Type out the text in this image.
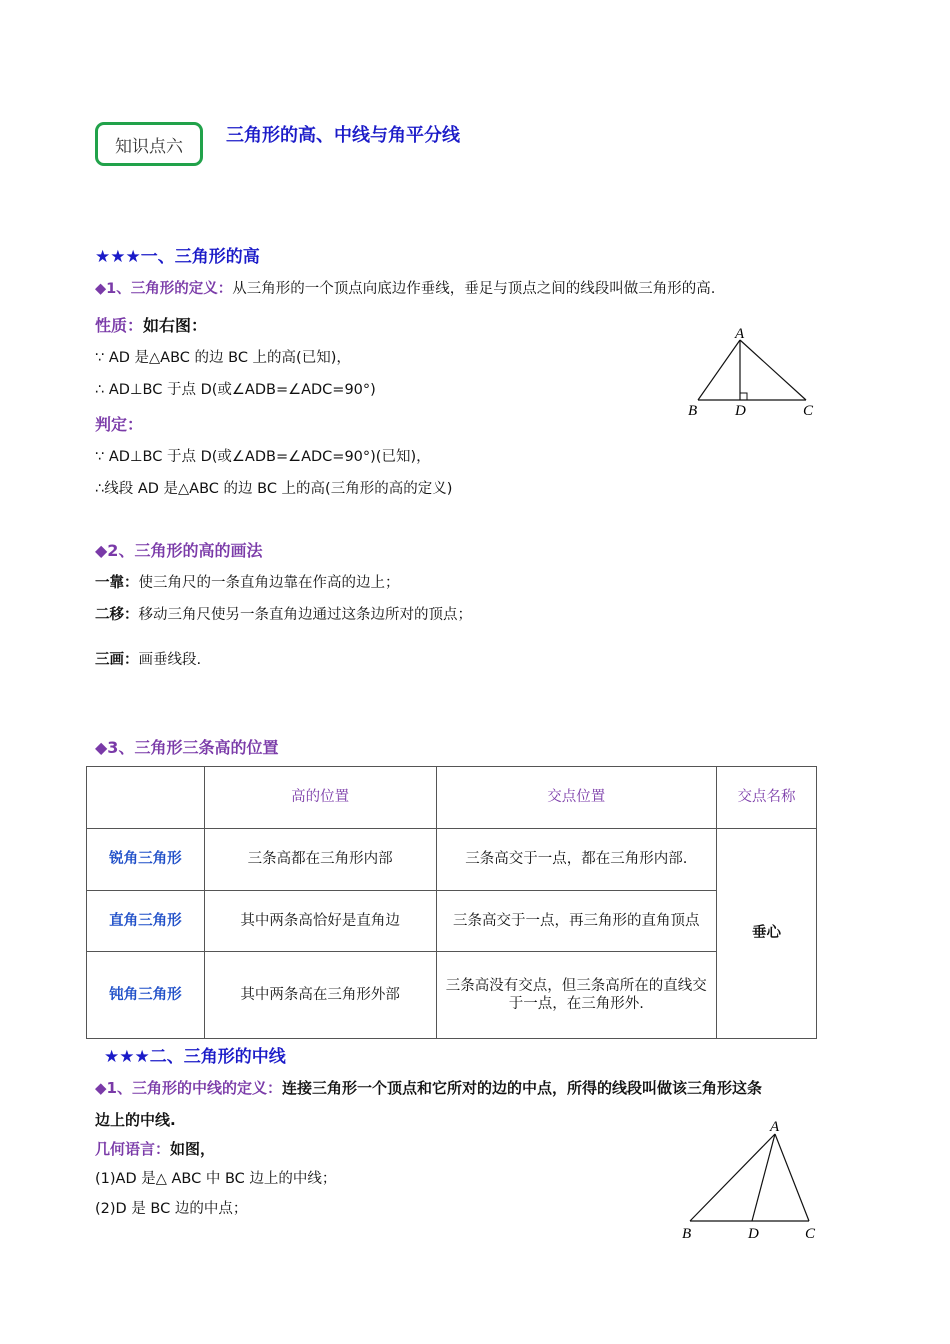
知识点六
三角形的高、中线与角平分线
★★★一、三角形的高
◆1、三角形的定义：从三角形的一个顶点向底边作垂线，垂足与顶点之间的线段叫做三角形的高.
性质：如右图：
∵ AD 是△ABC 的边 BC 上的高(已知)，
∴ AD⊥BC 于点 D(或∠ADB=∠ADC=90°)
判定：
∵ AD⊥BC 于点 D(或∠ADB=∠ADC=90°)(已知)，
∴线段 AD 是△ABC 的边 BC 上的高(三角形的高的定义)
A
B	D	C
◆2、三角形的高的画法
一靠：使三角尺的一条直角边靠在作高的边上；
二移：移动三角尺使另一条直角边通过这条边所对的顶点；
三画：画垂线段.
◆3、三角形三条高的位置
	高的位置	交点位置	交点名称
锐角三角形	三条高都在三角形内部	三条高交于一点，都在三角形内部.	垂心
直角三角形	其中两条高恰好是直角边	三条高交于一点，再三角形的直角顶点	
钝角三角形	其中两条高在三角形外部	三条高没有交点，但三条高所在的直线交于一点，在三角形外.	
★★★二、三角形的中线
◆1、三角形的中线的定义：连接三角形一个顶点和它所对的边的中点，所得的线段叫做该三角形这条
边上的中线.
几何语言：如图，
(1)AD 是△ ABC 中 BC 边上的中线；
(2)D 是 BC 边的中点；
A
B	D	C
